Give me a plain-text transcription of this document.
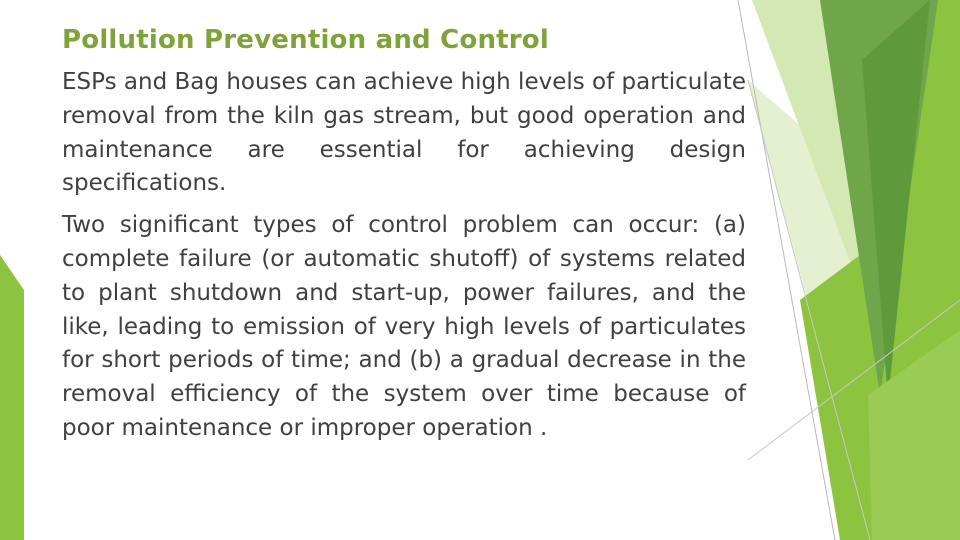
Pollution Prevention and Control

ESPs and Bag houses can achieve high levels of particulate removal from the kiln gas stream, but good operation and maintenance are essential for achieving design specifications.

Two significant types of control problem can occur: (a) complete failure (or automatic shutoff) of systems related to plant shutdown and start-up, power failures, and the like, leading to emission of very high levels of particulates for short periods of time; and (b) a gradual decrease in the removal efficiency of the system over time because of poor maintenance or improper operation .
